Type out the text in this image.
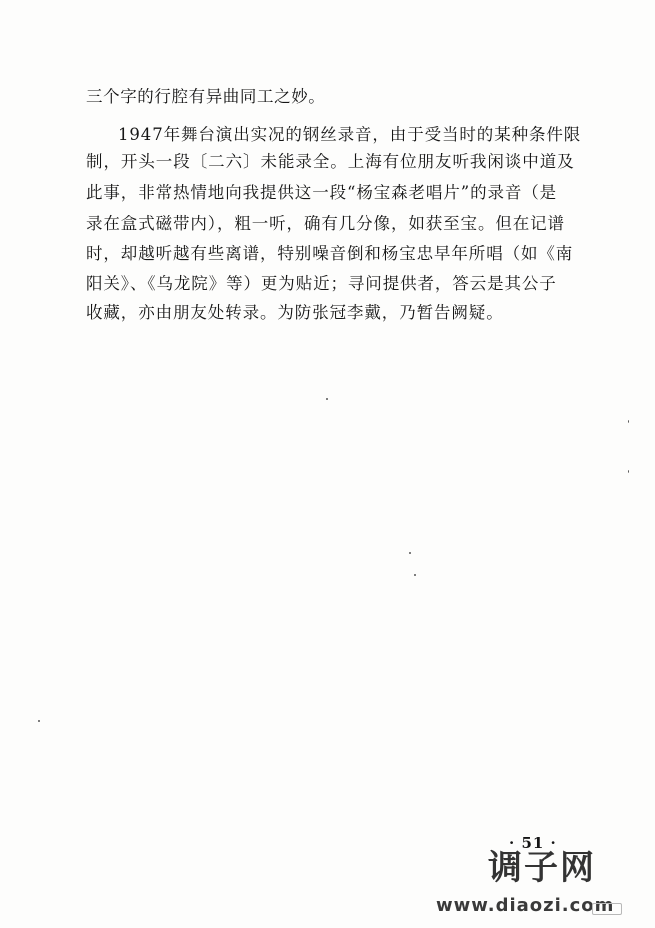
三个字的行腔有异曲同工之妙。
1947年舞台演出实况的钢丝录音，由于受当时的某种条件限
制，开头一段〔二六〕未能录全。上海有位朋友听我闲谈中道及
此事，非常热情地向我提供这一段“杨宝森老唱片”的录音（是
录在盒式磁带内），粗一听，确有几分像，如获至宝。但在记谱
时，却越听越有些离谱，特别噪音倒和杨宝忠早年所唱（如《南
阳关》、《乌龙院》等）更为贴近；寻问提供者，答云是其公子
收藏，亦由朋友处转录。为防张冠李戴，乃暂告阙疑。
· 51 ·
调子网
www.diaozi.com
